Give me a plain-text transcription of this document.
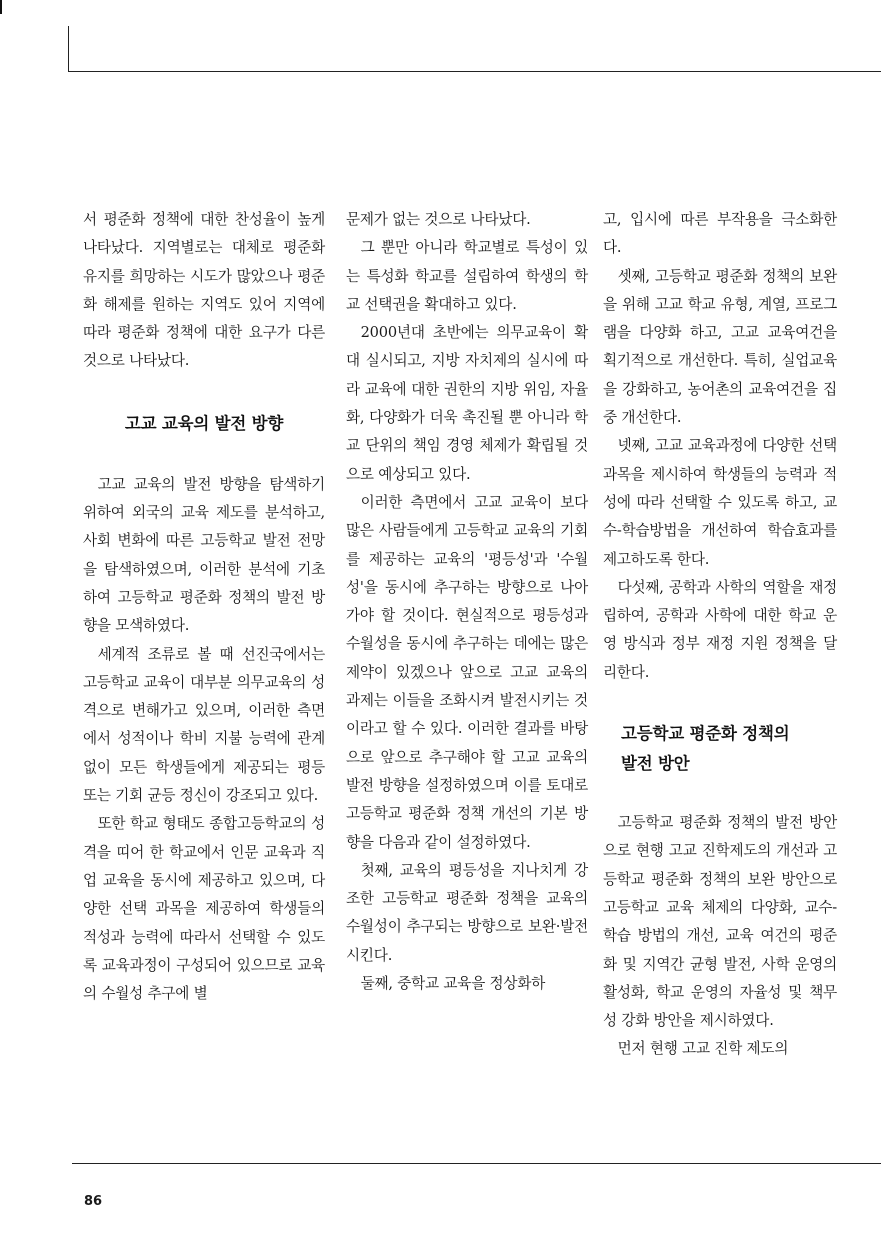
서 평준화 정책에 대한 찬성율이 높게 나타났다. 지역별로는 대체로 평준화 유지를 희망하는 시도가 많았으나 평준화 해제를 원하는 지역도 있어 지역에 따라 평준화 정책에 대한 요구가 다른 것으로 나타났다.

고교 교육의 발전 방향

고교 교육의 발전 방향을 탐색하기 위하여 외국의 교육 제도를 분석하고, 사회 변화에 따른 고등학교 발전 전망을 탐색하였으며, 이러한 분석에 기초하여 고등학교 평준화 정책의 발전 방향을 모색하였다.

세계적 조류로 볼 때 선진국에서는 고등학교 교육이 대부분 의무교육의 성격으로 변해가고 있으며, 이러한 측면에서 성적이나 학비 지불 능력에 관계없이 모든 학생들에게 제공되는 평등 또는 기회 균등 정신이 강조되고 있다.

또한 학교 형태도 종합고등학교의 성격을 띠어 한 학교에서 인문 교육과 직업 교육을 동시에 제공하고 있으며, 다양한 선택 과목을 제공하여 학생들의 적성과 능력에 따라서 선택할 수 있도록 교육과정이 구성되어 있으므로 교육의 수월성 추구에 별

문제가 없는 것으로 나타났다.

그 뿐만 아니라 학교별로 특성이 있는 특성화 학교를 설립하여 학생의 학교 선택권을 확대하고 있다.

2000년대 초반에는 의무교육이 확대 실시되고, 지방 자치제의 실시에 따라 교육에 대한 권한의 지방 위임, 자율화, 다양화가 더욱 촉진될 뿐 아니라 학교 단위의 책임 경영 체제가 확립될 것으로 예상되고 있다.

이러한 측면에서 고교 교육이 보다 많은 사람들에게 고등학교 교육의 기회를 제공하는 교육의 '평등성'과 '수월성'을 동시에 추구하는 방향으로 나아가야 할 것이다. 현실적으로 평등성과 수월성을 동시에 추구하는 데에는 많은 제약이 있겠으나 앞으로 고교 교육의 과제는 이들을 조화시켜 발전시키는 것이라고 할 수 있다. 이러한 결과를 바탕으로 앞으로 추구해야 할 고교 교육의 발전 방향을 설정하였으며 이를 토대로 고등학교 평준화 정책 개선의 기본 방향을 다음과 같이 설정하였다.

첫째, 교육의 평등성을 지나치게 강조한 고등학교 평준화 정책을 교육의 수월성이 추구되는 방향으로 보완·발전시킨다.

둘째, 중학교 교육을 정상화하

고, 입시에 따른 부작용을 극소화한다.

셋째, 고등학교 평준화 정책의 보완을 위해 고교 학교 유형, 계열, 프로그램을 다양화 하고, 고교 교육여건을 획기적으로 개선한다. 특히, 실업교육을 강화하고, 농어촌의 교육여건을 집중 개선한다.

넷째, 고교 교육과정에 다양한 선택 과목을 제시하여 학생들의 능력과 적성에 따라 선택할 수 있도록 하고, 교수-학습방법을 개선하여 학습효과를 제고하도록 한다.

다섯째, 공학과 사학의 역할을 재정립하여, 공학과 사학에 대한 학교 운영 방식과 정부 재정 지원 정책을 달리한다.

고등학교 평준화 정책의
발전 방안

고등학교 평준화 정책의 발전 방안으로 현행 고교 진학제도의 개선과 고등학교 평준화 정책의 보완 방안으로 고등학교 교육 체제의 다양화, 교수-학습 방법의 개선, 교육 여건의 평준화 및 지역간 균형 발전, 사학 운영의 활성화, 학교 운영의 자율성 및 책무성 강화 방안을 제시하였다.

먼저 현행 고교 진학 제도의

86
